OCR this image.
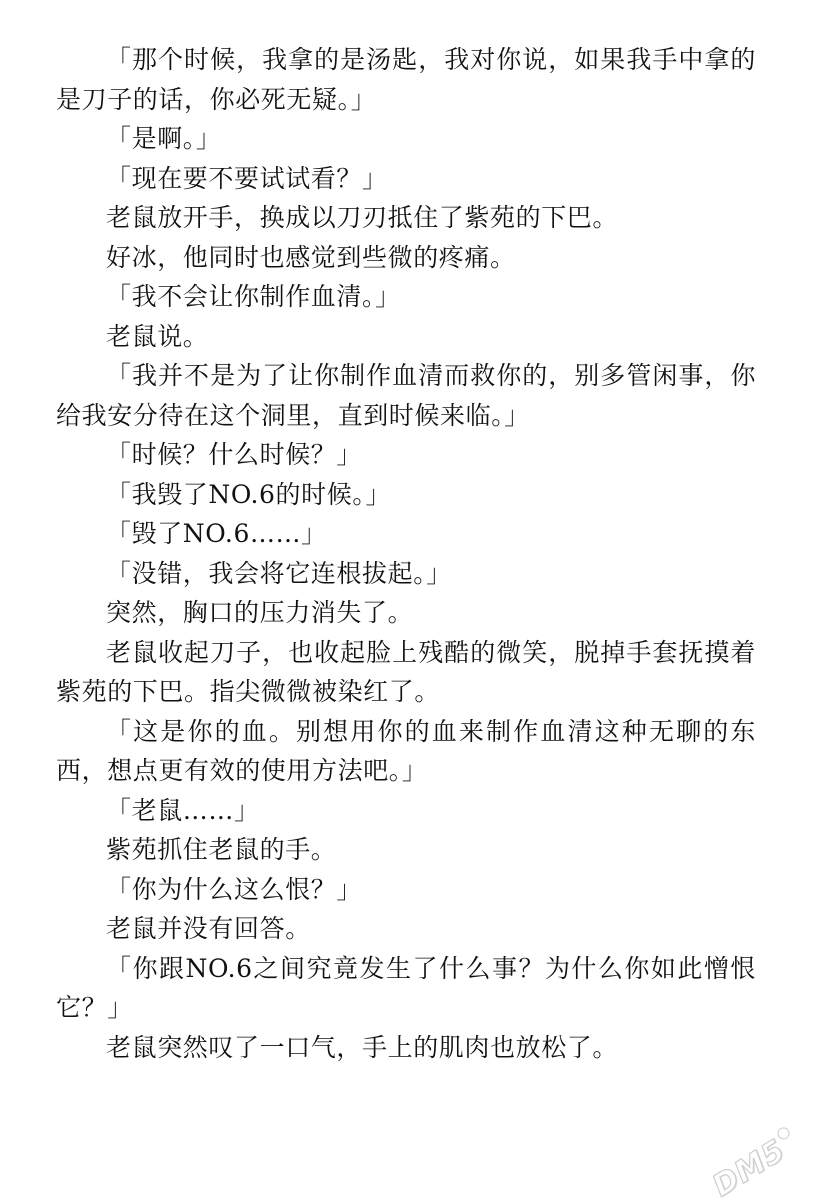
「那个时候，我拿的是汤匙，我对你说，如果我手中拿的是刀子的话，你必死无疑。」

「是啊。」

「现在要不要试试看？」

老鼠放开手，换成以刀刃抵住了紫苑的下巴。

好冰，他同时也感觉到些微的疼痛。

「我不会让你制作血清。」

老鼠说。

「我并不是为了让你制作血清而救你的，别多管闲事，你给我安分待在这个洞里，直到时候来临。」

「时候？什么时候？」

「我毁了NO.6的时候。」

「毁了NO.6……」

「没错，我会将它连根拔起。」

突然，胸口的压力消失了。

老鼠收起刀子，也收起脸上残酷的微笑，脱掉手套抚摸着紫苑的下巴。指尖微微被染红了。

「这是你的血。别想用你的血来制作血清这种无聊的东西，想点更有效的使用方法吧。」

「老鼠……」

紫苑抓住老鼠的手。

「你为什么这么恨？」

老鼠并没有回答。

「你跟NO.6之间究竟发生了什么事？为什么你如此憎恨它？」

老鼠突然叹了一口气，手上的肌肉也放松了。

DM5
